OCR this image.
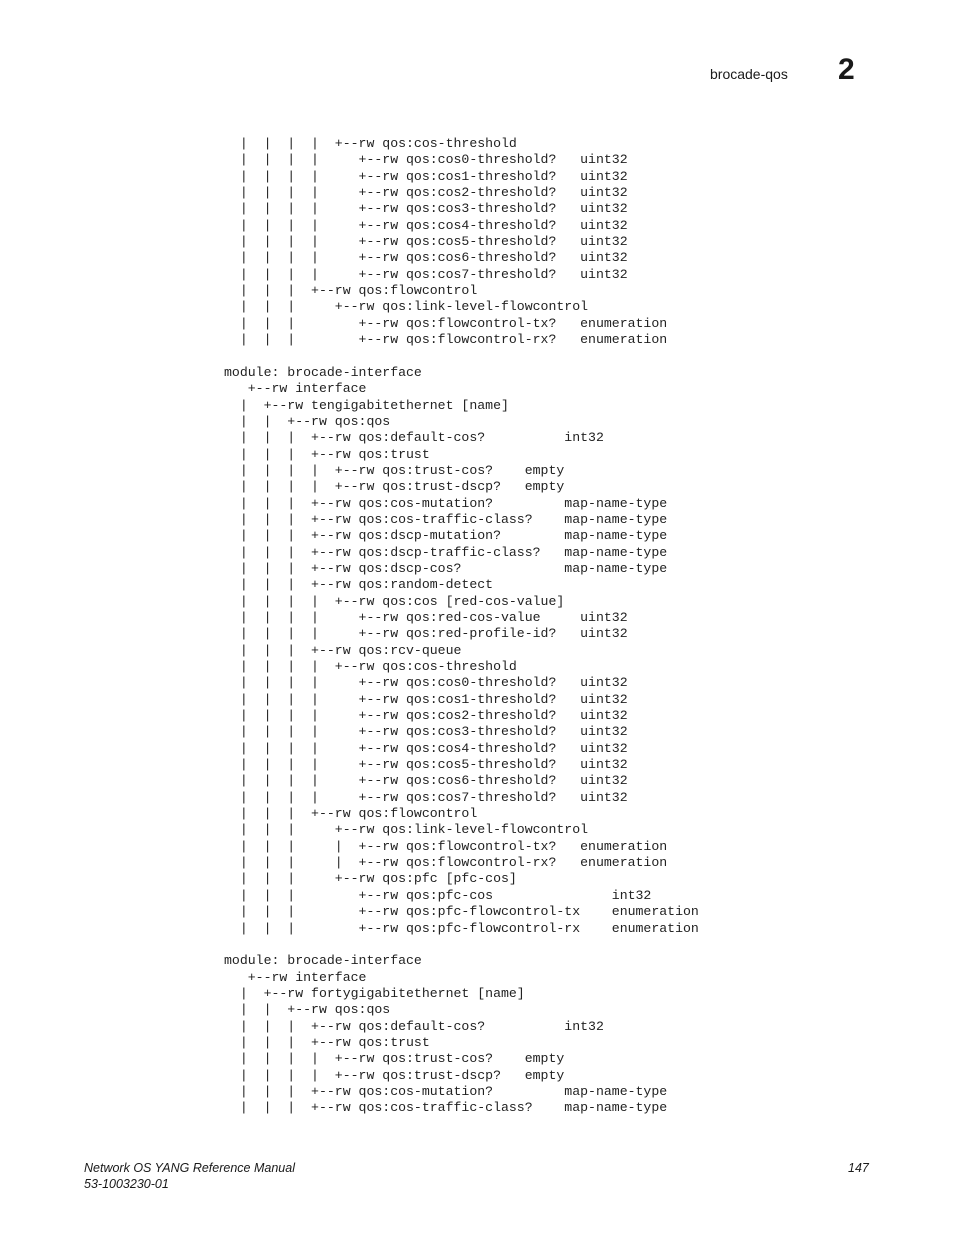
brocade-qos 2
|  |  |  |  +--rw qos:cos-threshold
|  |  |  |     +--rw qos:cos0-threshold?   uint32
|  |  |  |     +--rw qos:cos1-threshold?   uint32
|  |  |  |     +--rw qos:cos2-threshold?   uint32
|  |  |  |     +--rw qos:cos3-threshold?   uint32
|  |  |  |     +--rw qos:cos4-threshold?   uint32
|  |  |  |     +--rw qos:cos5-threshold?   uint32
|  |  |  |     +--rw qos:cos6-threshold?   uint32
|  |  |  |     +--rw qos:cos7-threshold?   uint32
|  |  |  +--rw qos:flowcontrol
|  |  |     +--rw qos:link-level-flowcontrol
|  |  |        +--rw qos:flowcontrol-tx?   enumeration
|  |  |        +--rw qos:flowcontrol-rx?   enumeration

module: brocade-interface
+--rw interface
|  +--rw tengigabitethernet [name]
|  |  +--rw qos:qos
|  |  |  +--rw qos:default-cos?          int32
|  |  |  +--rw qos:trust
|  |  |  |  +--rw qos:trust-cos?    empty
|  |  |  |  +--rw qos:trust-dscp?   empty
|  |  |  +--rw qos:cos-mutation?         map-name-type
|  |  |  +--rw qos:cos-traffic-class?    map-name-type
|  |  |  +--rw qos:dscp-mutation?        map-name-type
|  |  |  +--rw qos:dscp-traffic-class?   map-name-type
|  |  |  +--rw qos:dscp-cos?             map-name-type
|  |  |  +--rw qos:random-detect
|  |  |  |  +--rw qos:cos [red-cos-value]
|  |  |  |     +--rw qos:red-cos-value     uint32
|  |  |  |     +--rw qos:red-profile-id?   uint32
|  |  |  +--rw qos:rcv-queue
|  |  |  |  +--rw qos:cos-threshold
|  |  |  |     +--rw qos:cos0-threshold?   uint32
|  |  |  |     +--rw qos:cos1-threshold?   uint32
|  |  |  |     +--rw qos:cos2-threshold?   uint32
|  |  |  |     +--rw qos:cos3-threshold?   uint32
|  |  |  |     +--rw qos:cos4-threshold?   uint32
|  |  |  |     +--rw qos:cos5-threshold?   uint32
|  |  |  |     +--rw qos:cos6-threshold?   uint32
|  |  |  |     +--rw qos:cos7-threshold?   uint32
|  |  |  +--rw qos:flowcontrol
|  |  |     +--rw qos:link-level-flowcontrol
|  |  |     |  +--rw qos:flowcontrol-tx?   enumeration
|  |  |     |  +--rw qos:flowcontrol-rx?   enumeration
|  |  |     +--rw qos:pfc [pfc-cos]
|  |  |        +--rw qos:pfc-cos               int32
|  |  |        +--rw qos:pfc-flowcontrol-tx    enumeration
|  |  |        +--rw qos:pfc-flowcontrol-rx    enumeration

module: brocade-interface
+--rw interface
|  +--rw fortygigabitethernet [name]
|  |  +--rw qos:qos
|  |  |  +--rw qos:default-cos?          int32
|  |  |  +--rw qos:trust
|  |  |  |  +--rw qos:trust-cos?    empty
|  |  |  |  +--rw qos:trust-dscp?   empty
|  |  |  +--rw qos:cos-mutation?         map-name-type
|  |  |  +--rw qos:cos-traffic-class?    map-name-type
Network OS YANG Reference Manual
53-1003230-01
147
